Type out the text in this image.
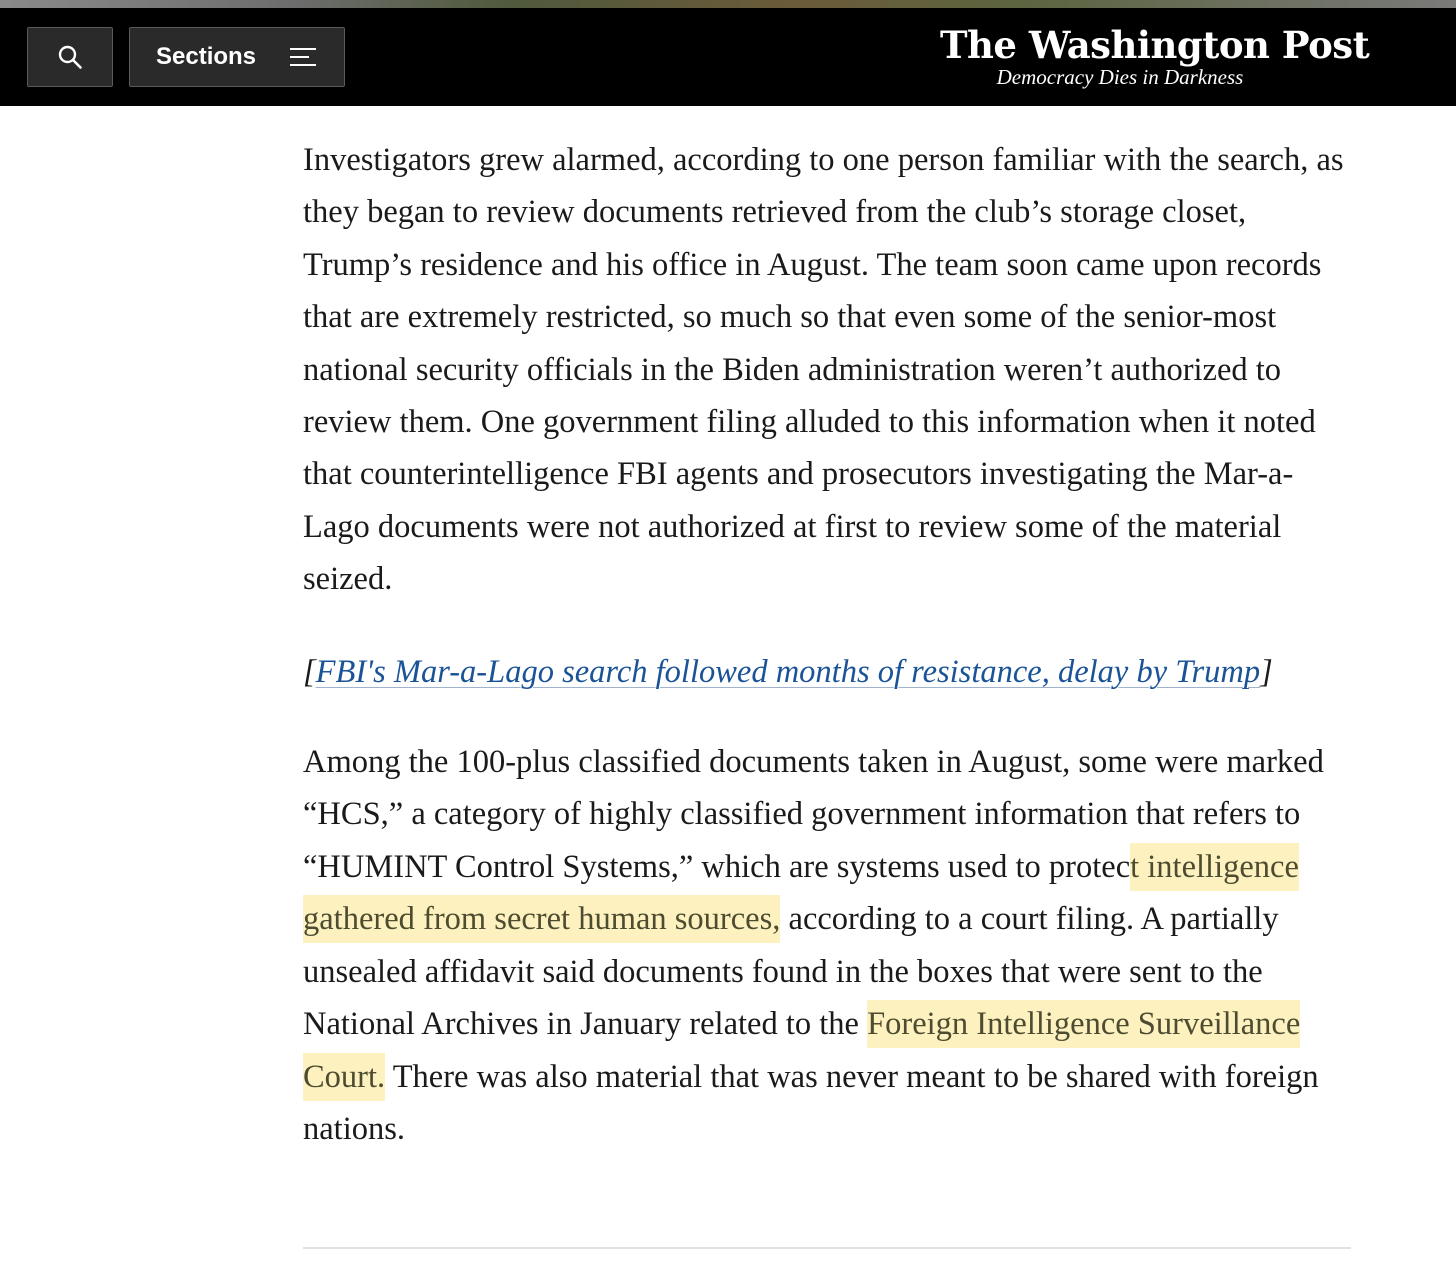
Sections	The Washington Post
Democracy Dies in Darkness

Investigators grew alarmed, according to one person familiar with the search, as they began to review documents retrieved from the club’s storage closet, Trump’s residence and his office in August. The team soon came upon records that are extremely restricted, so much so that even some of the senior-most national security officials in the Biden administration weren’t authorized to review them. One government filing alluded to this information when it noted that counterintelligence FBI agents and prosecutors investigating the Mar-a-Lago documents were not authorized at first to review some of the material seized.

[FBI's Mar-a-Lago search followed months of resistance, delay by Trump]

Among the 100-plus classified documents taken in August, some were marked “HCS,” a category of highly classified government information that refers to “HUMINT Control Systems,” which are systems used to protect intelligence gathered from secret human sources, according to a court filing. A partially unsealed affidavit said documents found in the boxes that were sent to the National Archives in January related to the Foreign Intelligence Surveillance Court. There was also material that was never meant to be shared with foreign nations.
